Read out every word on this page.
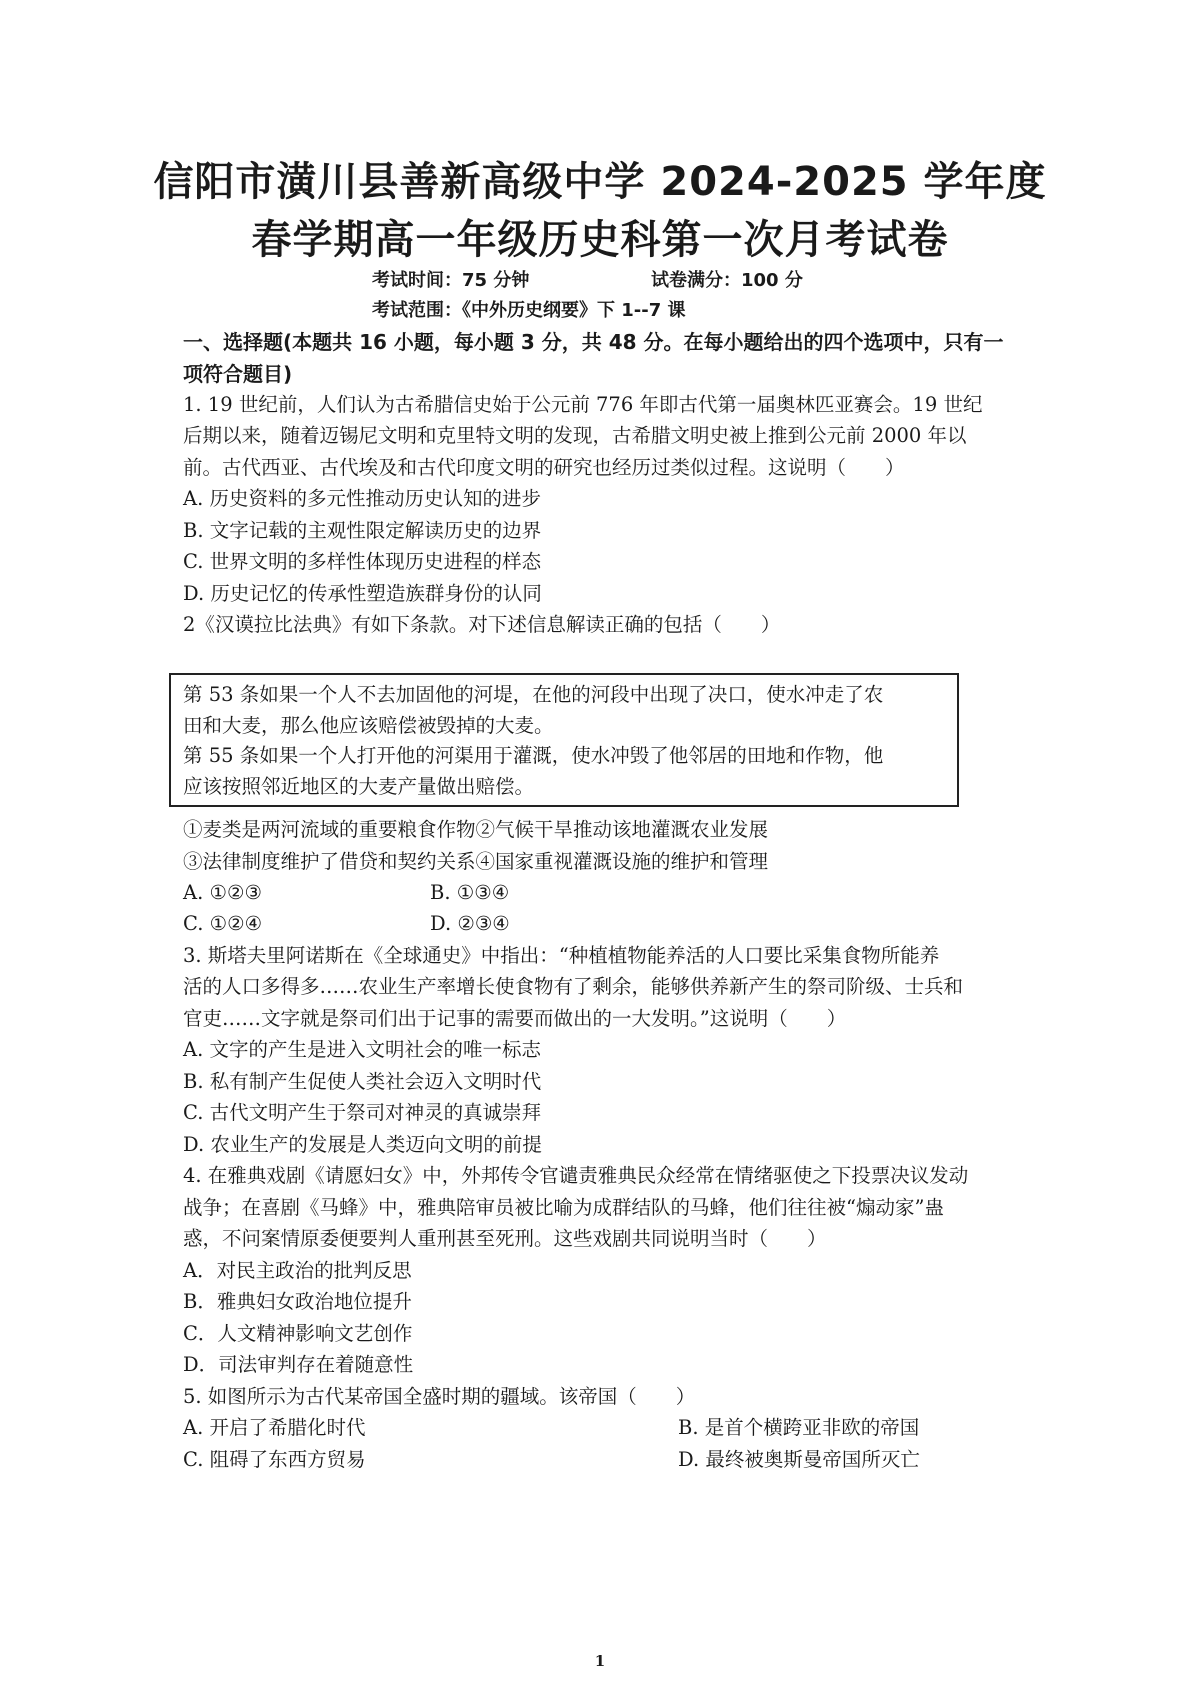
信阳市潢川县善新高级中学 2024-2025 学年度
春学期高一年级历史科第一次月考试卷
考试时间：75 分钟	试卷满分：100 分
考试范围：《中外历史纲要》下 1--7 课
一、选择题(本题共 16 小题，每小题 3 分，共 48 分。在每小题给出的四个选项中，只有一
项符合题目)
1. 19 世纪前，人们认为古希腊信史始于公元前 776 年即古代第一届奥林匹亚赛会。19 世纪
后期以来，随着迈锡尼文明和克里特文明的发现，古希腊文明史被上推到公元前 2000 年以
前。古代西亚、古代埃及和古代印度文明的研究也经历过类似过程。这说明（　　）
A. 历史资料的多元性推动历史认知的进步
B. 文字记载的主观性限定解读历史的边界
C. 世界文明的多样性体现历史进程的样态
D. 历史记忆的传承性塑造族群身份的认同
2《汉谟拉比法典》有如下条款。对下述信息解读正确的包括（　　）
第 53 条如果一个人不去加固他的河堤，在他的河段中出现了决口，使水冲走了农
田和大麦，那么他应该赔偿被毁掉的大麦。
第 55 条如果一个人打开他的河渠用于灌溉，使水冲毁了他邻居的田地和作物，他
应该按照邻近地区的大麦产量做出赔偿。
①麦类是两河流域的重要粮食作物②气候干旱推动该地灌溉农业发展
③法律制度维护了借贷和契约关系④国家重视灌溉设施的维护和管理
A. ①②③	B. ①③④
C. ①②④	D. ②③④
3. 斯塔夫里阿诺斯在《全球通史》中指出：“种植植物能养活的人口要比采集食物所能养
活的人口多得多……农业生产率增长使食物有了剩余，能够供养新产生的祭司阶级、士兵和
官吏……文字就是祭司们出于记事的需要而做出的一大发明。”这说明（　　）
A. 文字的产生是进入文明社会的唯一标志
B. 私有制产生促使人类社会迈入文明时代
C. 古代文明产生于祭司对神灵的真诚崇拜
D. 农业生产的发展是人类迈向文明的前提
4. 在雅典戏剧《请愿妇女》中，外邦传令官谴责雅典民众经常在情绪驱使之下投票决议发动
战争；在喜剧《马蜂》中，雅典陪审员被比喻为成群结队的马蜂，他们往往被“煽动家”蛊
惑，不问案情原委便要判人重刑甚至死刑。这些戏剧共同说明当时（　　）
A．对民主政治的批判反思
B．雅典妇女政治地位提升
C．人文精神影响文艺创作
D．司法审判存在着随意性
5. 如图所示为古代某帝国全盛时期的疆域。该帝国（　　）
A. 开启了希腊化时代	B. 是首个横跨亚非欧的帝国
C. 阻碍了东西方贸易	D. 最终被奥斯曼帝国所灭亡
1
